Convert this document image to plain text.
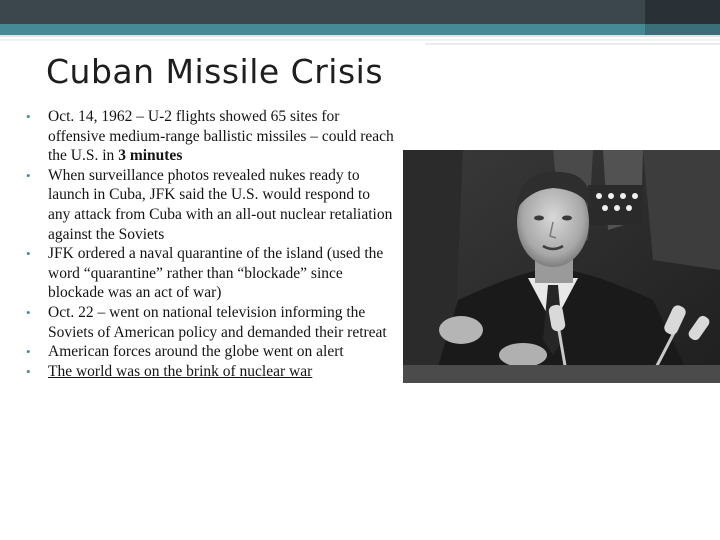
Cuban Missile Crisis
• Oct. 14, 1962 – U-2 flights showed 65 sites for offensive medium-range ballistic missiles – could reach the U.S. in 3 minutes
• When surveillance photos revealed nukes ready to launch in Cuba, JFK said the U.S. would respond to any attack from Cuba with an all-out nuclear retaliation against the Soviets
• JFK ordered a naval quarantine of the island (used the word “quarantine” rather than “blockade” since blockade was an act of war)
• Oct. 22 – went on national television informing the Soviets of American policy and demanded their retreat
• American forces around the globe went on alert
• The world was on the brink of nuclear war
